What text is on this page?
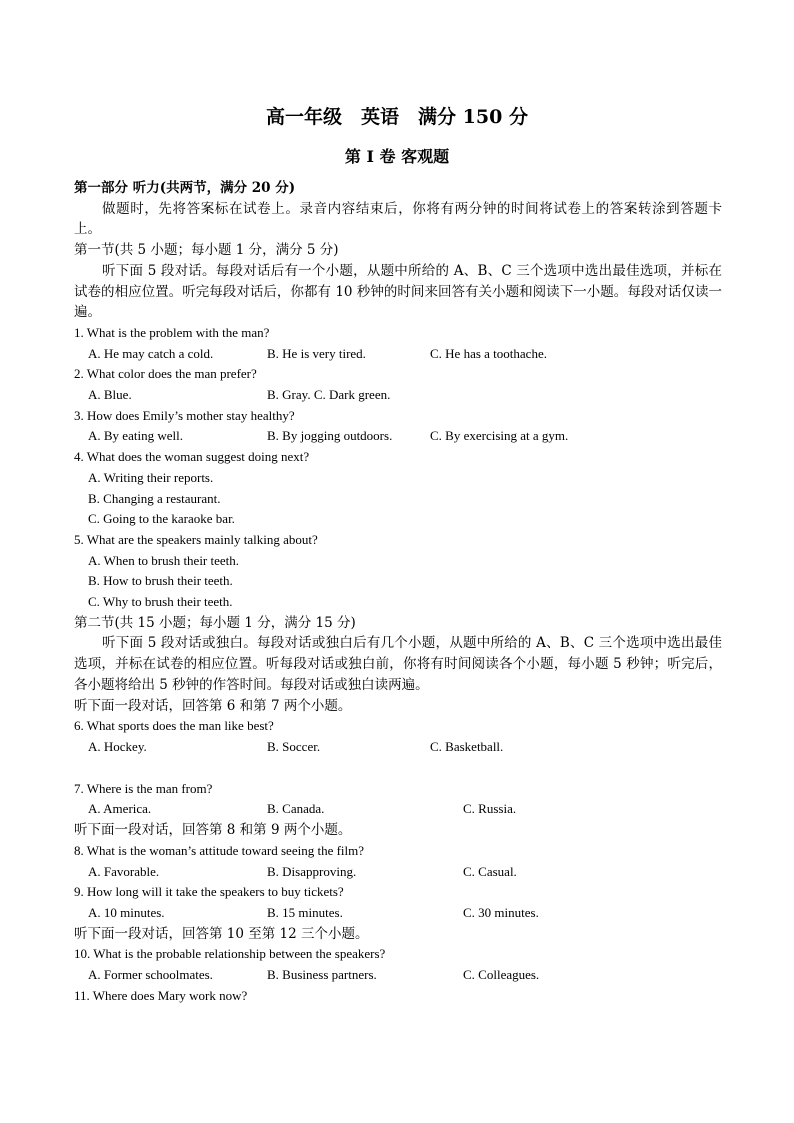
高一年级　英语　满分 150 分
第 I 卷 客观题

第一部分 听力(共两节，满分 20 分)

做题时，先将答案标在试卷上。录音内容结束后，你将有两分钟的时间将试卷上的答案转涂到答题卡上。

第一节(共 5 小题；每小题 1 分，满分 5 分)

听下面 5 段对话。每段对话后有一个小题，从题中所给的 A、B、C 三个选项中选出最佳选项，并标在试卷的相应位置。听完每段对话后，你都有 10 秒钟的时间来回答有关小题和阅读下一小题。每段对话仅读一遍。

1. What is the problem with the man?

A. He may catch a cold.	B. He is very tired.	C. He has a toothache.

2. What color does the man prefer?

A. Blue.	B. Gray. C. Dark green.

3. How does Emily’s mother stay healthy?

A. By eating well.	B. By jogging outdoors.	C. By exercising at a gym.

4. What does the woman suggest doing next?

A. Writing their reports.

B. Changing a restaurant.

C. Going to the karaoke bar.

5. What are the speakers mainly talking about?

A. When to brush their teeth.

B. How to brush their teeth.

C. Why to brush their teeth.

第二节(共 15 小题；每小题 1 分，满分 15 分)

听下面 5 段对话或独白。每段对话或独白后有几个小题，从题中所给的 A、B、C 三个选项中选出最佳选项，并标在试卷的相应位置。听每段对话或独白前，你将有时间阅读各个小题，每小题 5 秒钟；听完后，各小题将给出 5 秒钟的作答时间。每段对话或独白读两遍。

听下面一段对话，回答第 6 和第 7 两个小题。

6. What sports does the man like best?

A. Hockey.	B. Soccer.	C. Basketball.

7. Where is the man from?

A. America.	B. Canada.	C. Russia.

听下面一段对话，回答第 8 和第 9 两个小题。

8. What is the woman’s attitude toward seeing the film?

A. Favorable.	B. Disapproving.	C. Casual.

9. How long will it take the speakers to buy tickets?

A. 10 minutes.	B. 15 minutes.	C. 30 minutes.

听下面一段对话，回答第 10 至第 12 三个小题。

10. What is the probable relationship between the speakers?

A. Former schoolmates.	B. Business partners.	C. Colleagues.

11. Where does Mary work now?
